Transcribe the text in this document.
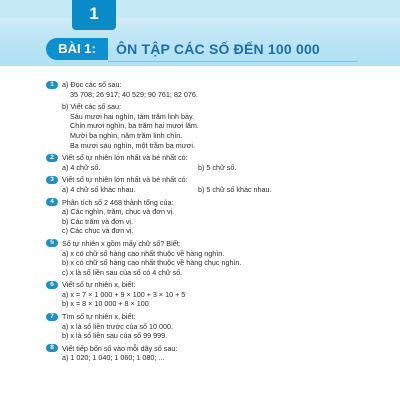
1
BÀI 1:	ÔN TẬP CÁC SỐ ĐẾN 100 000
1	a) Đọc các số sau:
35 708; 26 917; 40 529; 90 761; 82 076.
b) Viết các số sau:
Sáu mươi hai nghìn, tám trăm linh bảy.
Chín mươi nghìn, ba trăm hai mươi lăm.
Mười ba nghìn, năm trăm linh chín.
Ba mươi sáu nghìn, một trăm ba mươi.
2	Viết số tự nhiên lớn nhất và bé nhất có:
a) 4 chữ số.	b) 5 chữ số.
3	Viết số tự nhiên lớn nhất và bé nhất có:
a) 4 chữ số khác nhau.	b) 5 chữ số khác nhau.
4	Phân tích số 2 468 thành tổng của:
a) Các nghìn, trăm, chục và đơn vị.
b) Các trăm và đơn vị.
c) Các chục và đơn vị.
5	Số tự nhiên x gồm mấy chữ số? Biết:
a) x có chữ số hàng cao nhất thuộc về hàng nghìn.
b) x có chữ số hàng cao nhất thuộc về hàng chục nghìn.
c) x là số liền sau của số có 4 chữ số.
6	Viết số tự nhiên x, biết:
a) x = 7 × 1 000 + 9 × 100 + 3 × 10 + 5
b) x = 8 × 10 000 + 8 × 100
7	Tìm số tự nhiên x, biết:
a) x là số liền trước của số 10 000.
b) x là số liền sau của số 99 999.
8	Viết tiếp bốn số vào mỗi dãy số sau:
a) 1 020; 1 040; 1 060; 1 080; ...
